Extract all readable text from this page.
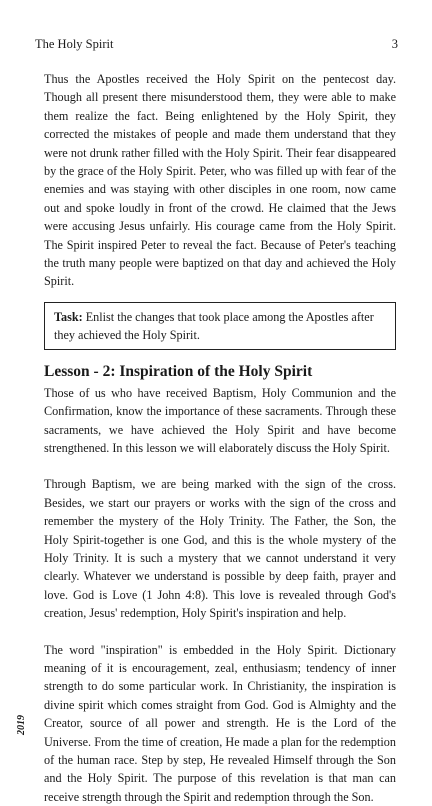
The Holy Spirit	3

Thus the Apostles received the Holy Spirit on the pentecost day. Though all present there misunderstood them, they were able to make them realize the fact. Being enlightened by the Holy Spirit, they corrected the mistakes of people and made them understand that they were not drunk rather filled with the Holy Spirit. Their fear disappeared by the grace of the Holy Spirit. Peter, who was filled up with fear of the enemies and was staying with other disciples in one room, now came out and spoke loudly in front of the crowd. He claimed that the Jews were accusing Jesus unfairly. His courage came from the Holy Spirit. The Spirit inspired Peter to reveal the fact. Because of Peter's teaching the truth many people were baptized on that day and achieved the Holy Spirit.

Task: Enlist the changes that took place among the Apostles after they achieved the Holy Spirit.
Lesson - 2: Inspiration of the Holy Spirit

Those of us who have received Baptism, Holy Communion and the Confirmation, know the importance of these sacraments. Through these sacraments, we have achieved the Holy Spirit and have become strengthened. In this lesson we will elaborately discuss the Holy Spirit.

Through Baptism, we are being marked with the sign of the cross. Besides, we start our prayers or works with the sign of the cross and remember the mystery of the Holy Trinity. The Father, the Son, the Holy Spirit-together is one God, and this is the whole mystery of the Holy Trinity. It is such a mystery that we cannot understand it very clearly. Whatever we understand is possible by deep faith, prayer and love. God is Love (1 John 4:8). This love is revealed through God's creation, Jesus' redemption, Holy Spirit's inspiration and help.

The word "inspiration" is embedded in the Holy Spirit. Dictionary meaning of it is encouragement, zeal, enthusiasm; tendency of inner strength to do some particular work. In Christianity, the inspiration is divine spirit which comes straight from God. God is Almighty and the Creator, source of all power and strength. He is the Lord of the Universe. From the time of creation, He made a plan for the redemption of the human race. Step by step, He revealed Himself through the Son and the Holy Spirit. The purpose of this revelation is that man can receive strength through the Spirit and redemption through the Son.

2019
